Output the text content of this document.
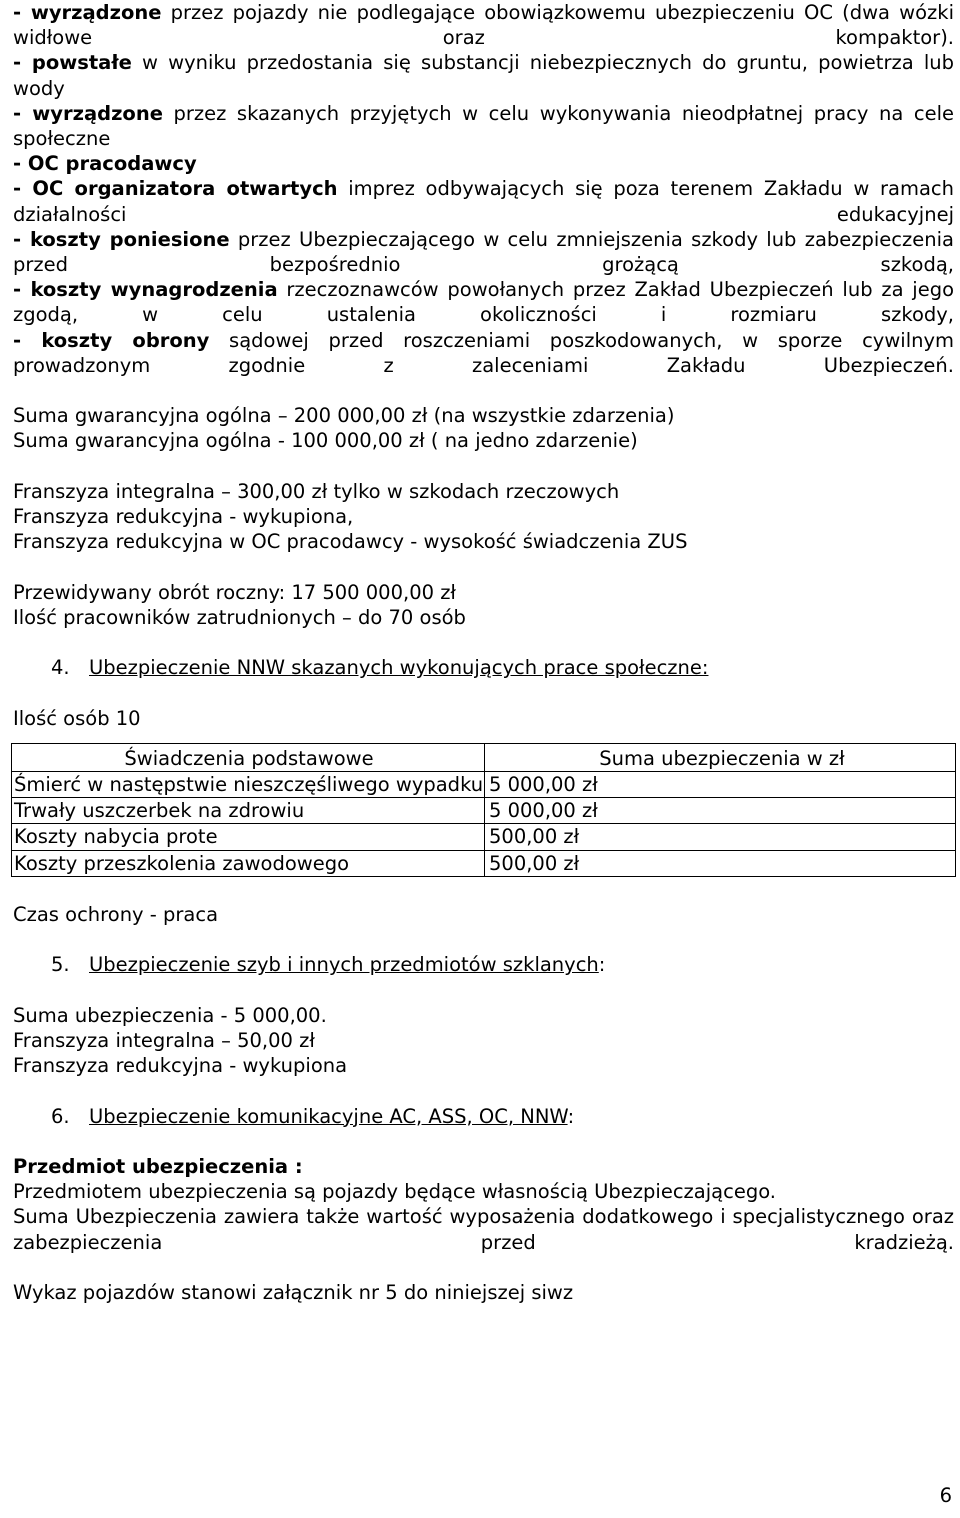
- wyrządzone przez pojazdy nie podlegające obowiązkowemu ubezpieczeniu OC (dwa wózki widłowe oraz kompaktor).

- powstałe w wyniku przedostania się substancji niebezpiecznych do gruntu, powietrza lub wody

- wyrządzone przez skazanych przyjętych w celu wykonywania nieodpłatnej pracy na cele społeczne

- OC pracodawcy

- OC organizatora otwartych imprez odbywających się poza terenem Zakładu w ramach działalności edukacyjnej

- koszty poniesione przez Ubezpieczającego w celu zmniejszenia szkody lub zabezpieczenia przed bezpośrednio grożącą szkodą,

- koszty wynagrodzenia rzeczoznawców powołanych przez Zakład Ubezpieczeń lub za jego zgodą, w celu ustalenia okoliczności i rozmiaru szkody,

- koszty obrony sądowej przed roszczeniami poszkodowanych, w sporze cywilnym prowadzonym zgodnie z zaleceniami Zakładu Ubezpieczeń.

Suma gwarancyjna ogólna – 200 000,00 zł (na wszystkie zdarzenia)

Suma gwarancyjna ogólna - 100 000,00 zł ( na jedno zdarzenie)

Franszyza integralna – 300,00 zł tylko w szkodach rzeczowych

Franszyza redukcyjna - wykupiona,

Franszyza redukcyjna w OC pracodawcy - wysokość świadczenia ZUS

Przewidywany obrót roczny: 17 500 000,00 zł

Ilość pracowników zatrudnionych – do 70 osób

4. Ubezpieczenie NNW skazanych wykonujących prace społeczne:

Ilość osób 10

Świadczenia podstawowe	Suma ubezpieczenia w zł

Śmierć w następstwie nieszczęśliwego wypadku	5 000,00 zł
Trwały uszczerbek na zdrowiu	5 000,00 zł
Koszty nabycia prote	500,00 zł
Koszty przeszkolenia zawodowego	500,00 zł

Czas ochrony - praca

5. Ubezpieczenie szyb i innych przedmiotów szklanych:

Suma ubezpieczenia - 5 000,00.

Franszyza integralna – 50,00 zł

Franszyza redukcyjna - wykupiona

6. Ubezpieczenie komunikacyjne AC, ASS, OC, NNW:

Przedmiot ubezpieczenia :

Przedmiotem ubezpieczenia są pojazdy będące własnością Ubezpieczającego.

Suma Ubezpieczenia zawiera także wartość wyposażenia dodatkowego i specjalistycznego oraz zabezpieczenia przed kradzieżą.

Wykaz pojazdów stanowi załącznik nr 5 do niniejszej siwz

6
